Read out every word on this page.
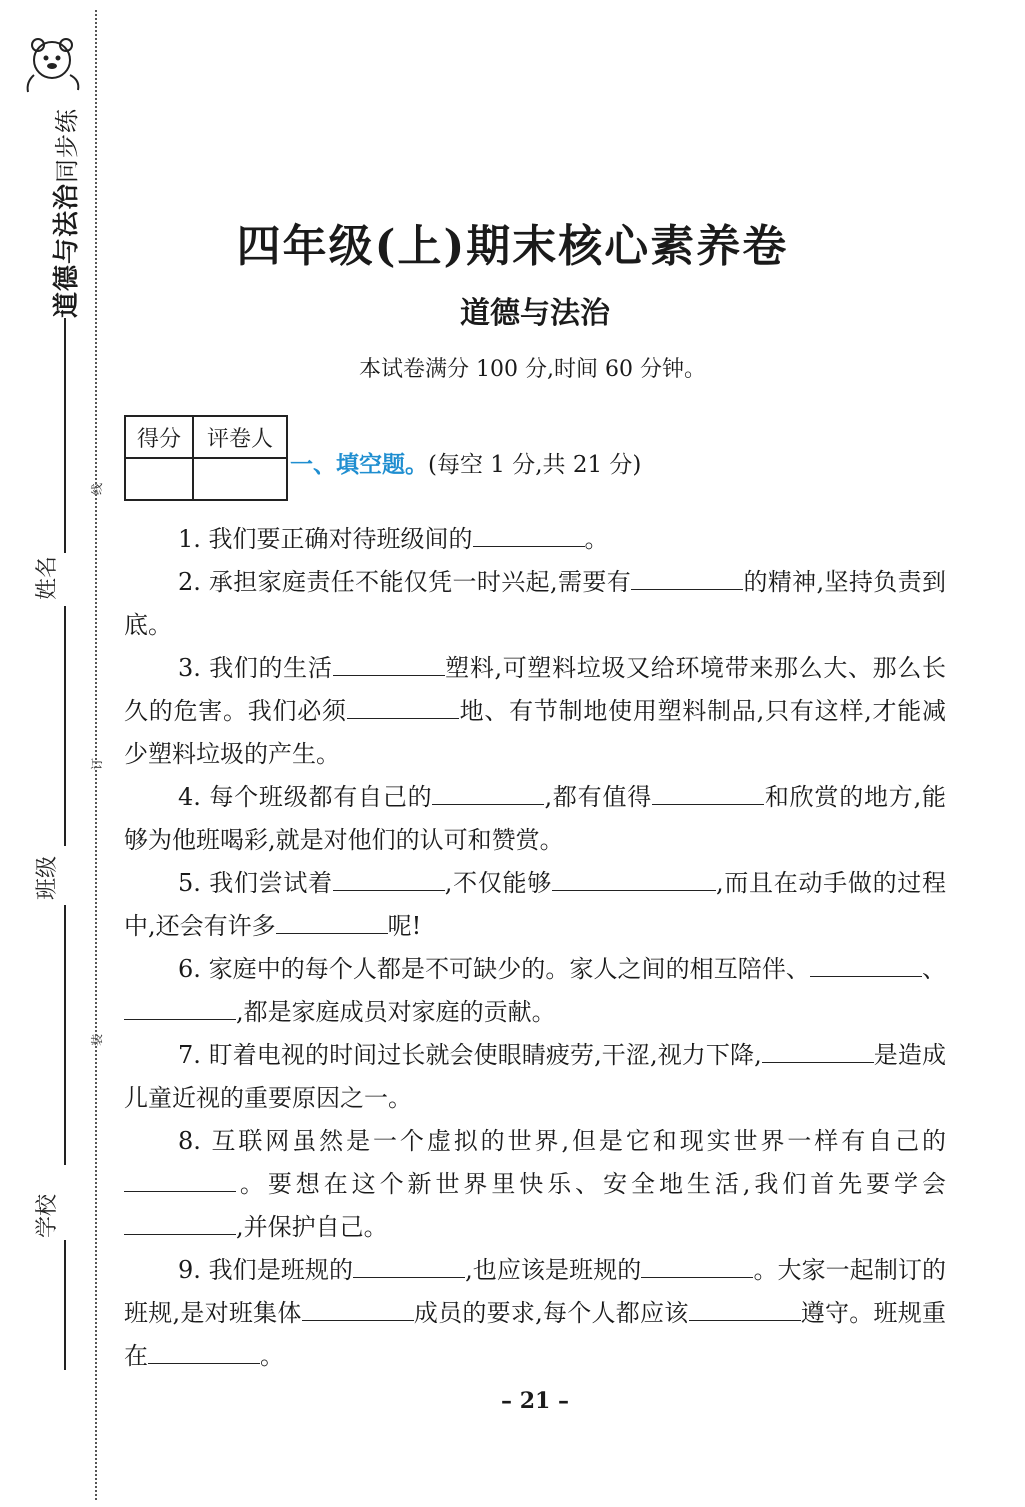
道德与法治同步练
姓名
班级
学校
线
订
装
四年级(上)期末核心素养卷
道德与法治
本试卷满分 100 分,时间 60 分钟。
得分	评卷人

一、填空题。(每空 1 分,共 21 分)

1. 我们要正确对待班级间的	。

2. 承担家庭责任不能仅凭一时兴起,需要有	的精神,坚持负责到底。

3. 我们的生活	塑料,可塑料垃圾又给环境带来那么大、那么长久的危害。我们必须	地、有节制地使用塑料制品,只有这样,才能减少塑料垃圾的产生。

4. 每个班级都有自己的	,都有值得	和欣赏的地方,能够为他班喝彩,就是对他们的认可和赞赏。

5. 我们尝试着	,不仅能够	,而且在动手做的过程中,还会有许多	呢!

6. 家庭中的每个人都是不可缺少的。家人之间的相互陪伴、	、,都是家庭成员对家庭的贡献。

7. 盯着电视的时间过长就会使眼睛疲劳,干涩,视力下降,	是造成儿童近视的重要原因之一。

8. 互联网虽然是一个虚拟的世界,但是它和现实世界一样有自己的。要想在这个新世界里快乐、安全地生活,我们首先要学会,并保护自己。

9. 我们是班规的	,也应该是班规的	。大家一起制订的班规,是对班集体	成员的要求,每个人都应该	遵守。班规重在	。

– 21 –
